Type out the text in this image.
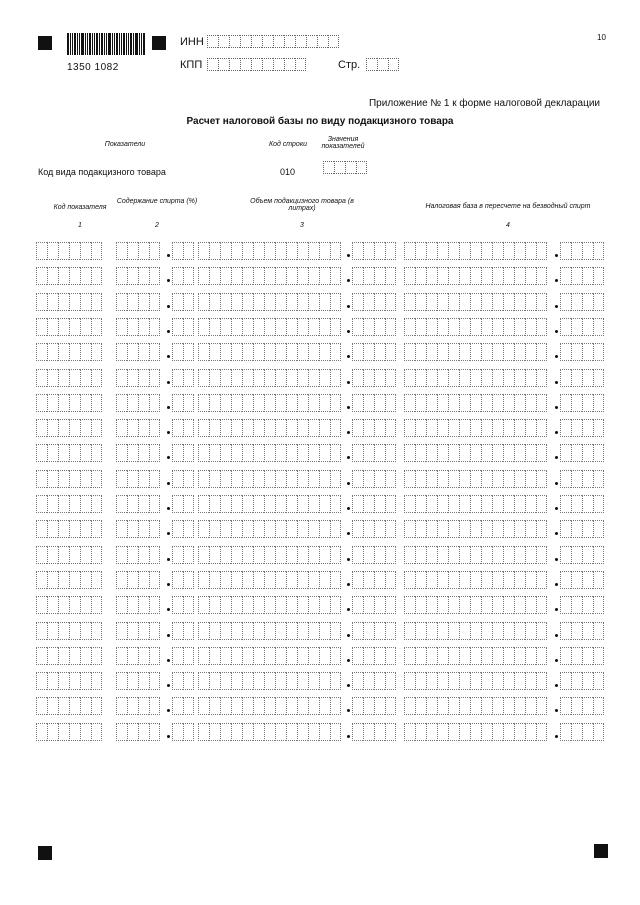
1350 1082
10
ИНН
КПП	Стр.
Приложение № 1 к форме налоговой декларации
Расчет налоговой базы по виду подакцизного товара
Показатели	Код строки
Значения показателей
Код вида подакцизного товара	010
Код показателя
1
Содержание спирта (%)
2
Объем подакцизного товара (в литрах)
3
Налоговая база в пересчете на безводный спирт
4
